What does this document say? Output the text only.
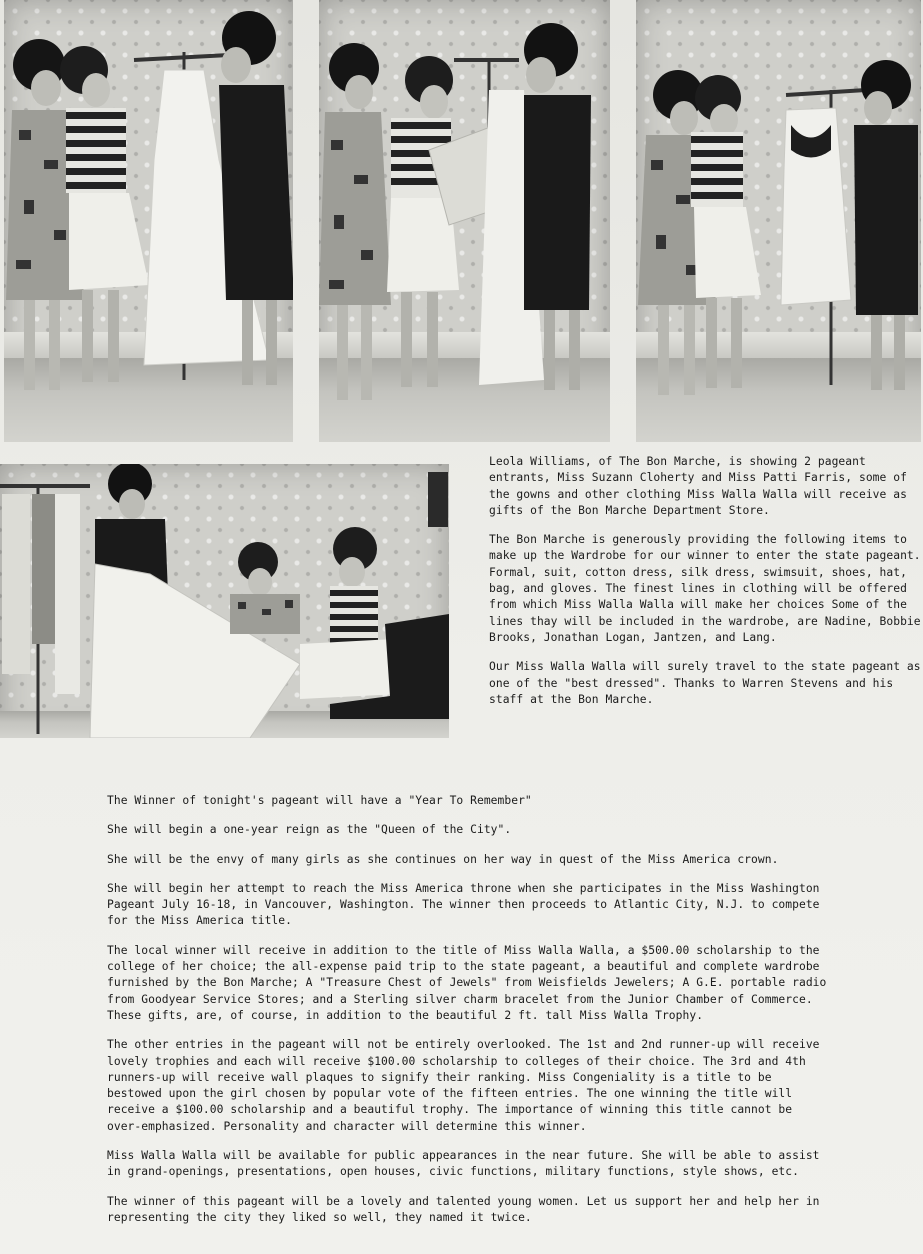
Leola Williams, of The Bon Marche, is showing 2 pageant entrants, Miss Suzann Cloherty and Miss Patti Farris, some of the gowns and other clothing Miss Walla Walla will receive as gifts of the Bon Marche Department Store.

The Bon Marche is generously providing the following items to make up the Wardrobe for our winner to enter the state pageant. Formal, suit, cotton dress, silk dress, swimsuit, shoes, hat, bag, and gloves. The finest lines in clothing will be offered from which Miss Walla Walla will make her choices Some of the lines thay will be included in the wardrobe, are Nadine, Bobbie Brooks, Jonathan Logan, Jantzen, and Lang.

Our Miss Walla Walla will surely travel to the state pageant as one of the "best dressed". Thanks to Warren Stevens and his staff at the Bon Marche.

The Winner of tonight's pageant will have a "Year To Remember"

She will begin a one-year reign as the "Queen of the City".

She will be the envy of many girls as she continues on her way in quest of the Miss America crown.

She will begin her attempt to reach the Miss America throne when she participates in the Miss Washington Pageant July 16-18, in Vancouver, Washington. The winner then proceeds to Atlantic City, N.J. to compete for the Miss America title.

The local winner will receive in addition to the title of Miss Walla Walla, a $500.00 scholarship to the college of her choice; the all-expense paid trip to the state pageant, a beautiful and complete wardrobe furnished by the Bon Marche; A "Treasure Chest of Jewels" from Weisfields Jewelers; A G.E. portable radio from Goodyear Service Stores; and a Sterling silver charm bracelet from the Junior Chamber of Commerce. These gifts, are, of course, in addition to the beautiful 2 ft. tall Miss Walla Trophy.

The other entries in the pageant will not be entirely overlooked. The 1st and 2nd runner-up will receive lovely trophies and each will receive $100.00 scholarship to colleges of their choice. The 3rd and 4th runners-up will receive wall plaques to signify their ranking. Miss Congeniality is a title to be bestowed upon the girl chosen by popular vote of the fifteen entries. The one winning the title will receive a $100.00 scholarship and a beautiful trophy. The importance of winning this title cannot be over-emphasized. Personality and character will determine this winner.

Miss Walla Walla will be available for public appearances in the near future. She will be able to assist in grand-openings, presentations, open houses, civic functions, military functions, style shows, etc.

The winner of this pageant will be a lovely and talented young women. Let us support her and help her in representing the city they liked so well, they named it twice.
